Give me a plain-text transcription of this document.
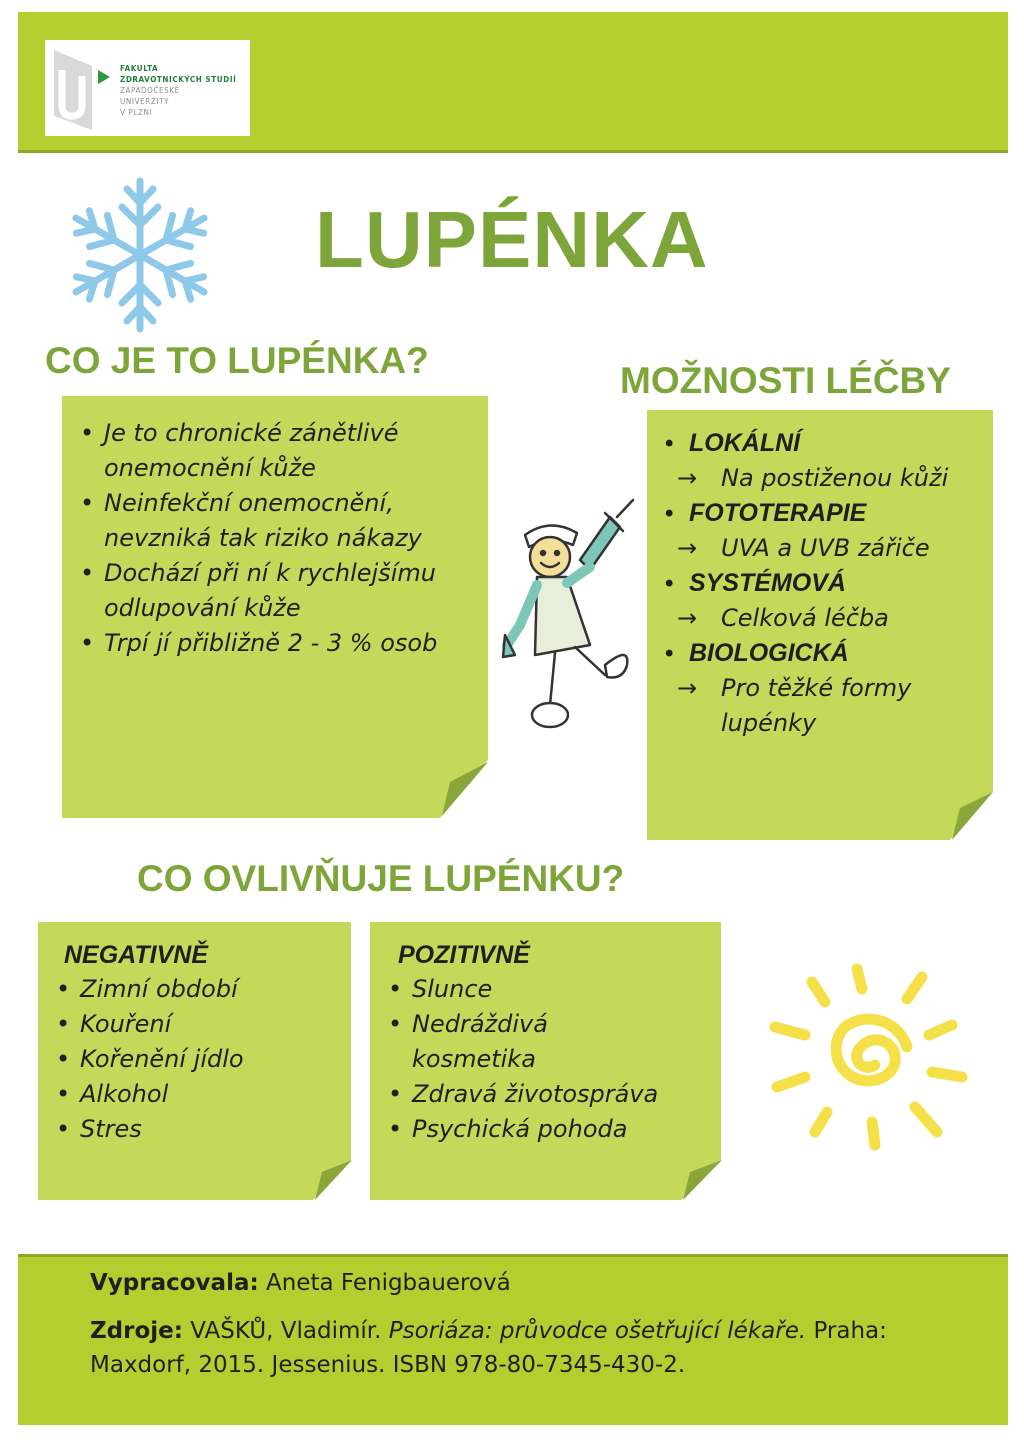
FAKULTA
ZDRAVOTNICKÝCH STUDIÍ
ZÁPADOČESKÉ
UNIVERZITY
V PLZNI
LUPÉNKA
CO JE TO LUPÉNKA?
• Je to chronické zánětlivé onemocnění kůže
• Neinfekční onemocnění, nevzniká tak riziko nákazy
• Dochází při ní k rychlejšímu odlupování kůže
• Trpí jí přibližně 2 - 3 % osob
MOŽNOSTI LÉČBY
• LOKÁLNÍ
→ Na postiženou kůži
• FOTOTERAPIE
→ UVA a UVB zářiče
• SYSTÉMOVÁ
→ Celková léčba
• BIOLOGICKÁ
→ Pro těžké formy lupénky
CO OVLIVŇUJE LUPÉNKU?
NEGATIVNĚ
• Zimní období
• Kouření
• Kořeněnı́ jídlo
• Alkohol
• Stres
POZITIVNĚ
• Slunce
• Nedráždivá kosmetika
• Zdravá životospráva
• Psychická pohoda
Vypracovala: Aneta Fenigbauerová
Zdroje: VAŠKŮ, Vladimír. Psoriáza: průvodce ošetřující lékaře. Praha: Maxdorf, 2015. Jessenius. ISBN 978-80-7345-430-2.
